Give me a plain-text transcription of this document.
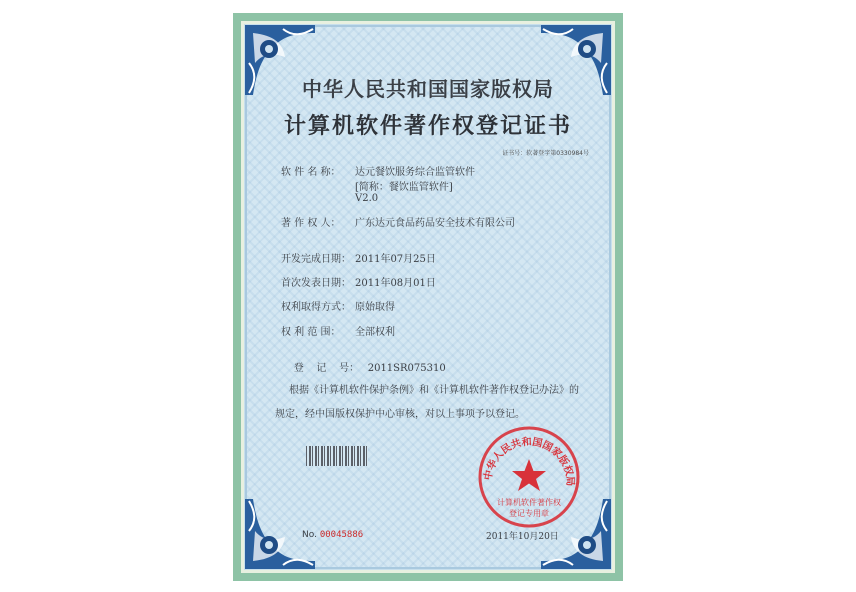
中华人民共和国国家版权局
计算机软件著作权登记证书
证书号：软著登字第0330984号
软 件 名 称： 达元餐饮服务综合监管软件
[简称：餐饮监管软件]
V2.0
著 作 权 人： 广东达元食品药品安全技术有限公司
开发完成日期： 2011年07月25日
首次发表日期： 2011年08月01日
权利取得方式： 原始取得
权 利 范 围： 全部权利

登    记    号： 2011SR075310

根据《计算机软件保护条例》和《计算机软件著作权登记办法》的
规定，经中国版权保护中心审核，对以上事项予以登记。
中华人民共和国国家版权局
计算机软件著作权
登记专用章
No. 00045886	2011年10月20日
